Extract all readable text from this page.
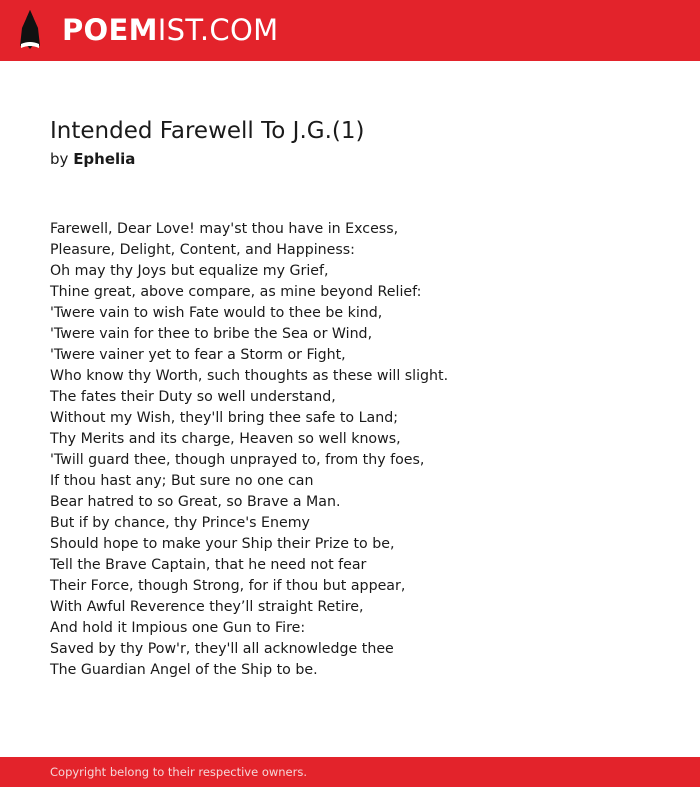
POEMIST.COM
Intended Farewell To J.G.(1)
by Ephelia
Farewell, Dear Love! may'st thou have in Excess,
Pleasure, Delight, Content, and Happiness:
Oh may thy Joys but equalize my Grief,
Thine great, above compare, as mine beyond Relief:
'Twere vain to wish Fate would to thee be kind,
'Twere vain for thee to bribe the Sea or Wind,
'Twere vainer yet to fear a Storm or Fight,
Who know thy Worth, such thoughts as these will slight.
The fates their Duty so well understand,
Without my Wish, they'll bring thee safe to Land;
Thy Merits and its charge, Heaven so well knows,
'Twill guard thee, though unprayed to, from thy foes,
If thou hast any; But sure no one can
Bear hatred to so Great, so Brave a Man.
But if by chance, thy Prince's Enemy
Should hope to make your Ship their Prize to be,
Tell the Brave Captain, that he need not fear
Their Force, though Strong, for if thou but appear,
With Awful Reverence they’ll straight Retire,
And hold it Impious one Gun to Fire:
Saved by thy Pow'r, they'll all acknowledge thee
The Guardian Angel of the Ship to be.
Copyright belong to their respective owners.
